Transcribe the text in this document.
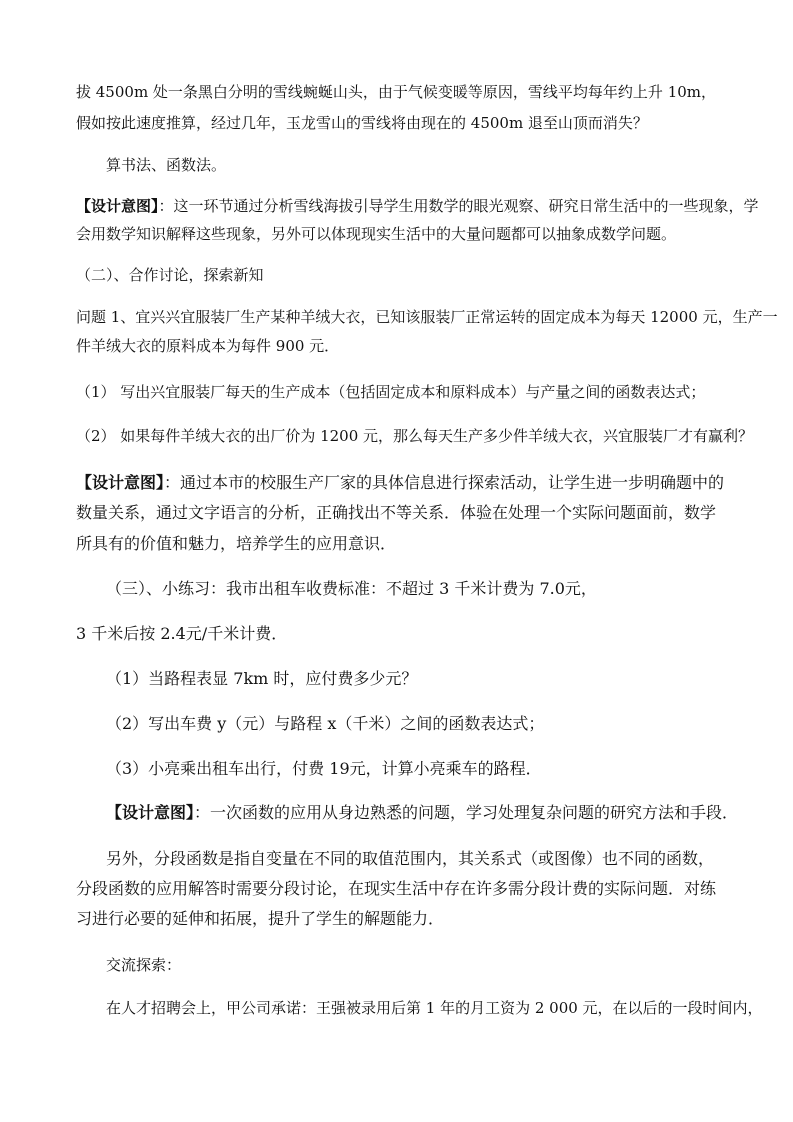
拔 4500m 处一条黑白分明的雪线蜿蜒山头，由于气候变暖等原因，雪线平均每年约上升 10m，
假如按此速度推算，经过几年，玉龙雪山的雪线将由现在的 4500m 退至山顶而消失？
算书法、函数法。
【设计意图】：这一环节通过分析雪线海拔引导学生用数学的眼光观察、研究日常生活中的一些现象，学
会用数学知识解释这些现象，另外可以体现现实生活中的大量问题都可以抽象成数学问题。
（二）、合作讨论，探索新知
问题 1、宜兴兴宜服装厂生产某种羊绒大衣，已知该服装厂正常运转的固定成本为每天 12000 元，生产一
件羊绒大衣的原料成本为每件 900 元．
（1） 写出兴宜服装厂每天的生产成本（包括固定成本和原料成本）与产量之间的函数表达式；
（2） 如果每件羊绒大衣的出厂价为 1200 元，那么每天生产多少件羊绒大衣，兴宜服装厂才有赢利？
【设计意图】：通过本市的校服生产厂家的具体信息进行探索活动，让学生进一步明确题中的
数量关系，通过文字语言的分析，正确找出不等关系．体验在处理一个实际问题面前，数学
所具有的价值和魅力，培养学生的应用意识．
（三）、小练习：我市出租车收费标准：不超过 3 千米计费为 7.0元，
3 千米后按 2.4元/千米计费．
（1）当路程表显 7km 时，应付费多少元？
（2）写出车费 y（元）与路程 x（千米）之间的函数表达式；
（3）小亮乘出租车出行，付费 19元，计算小亮乘车的路程．
【设计意图】：一次函数的应用从身边熟悉的问题，学习处理复杂问题的研究方法和手段．
另外，分段函数是指自变量在不同的取值范围内，其关系式（或图像）也不同的函数，
分段函数的应用解答时需要分段讨论，在现实生活中存在许多需分段计费的实际问题．对练
习进行必要的延伸和拓展，提升了学生的解题能力．
交流探索：
在人才招聘会上，甲公司承诺：王强被录用后第 1 年的月工资为 2 000 元，在以后的一段时间内，
